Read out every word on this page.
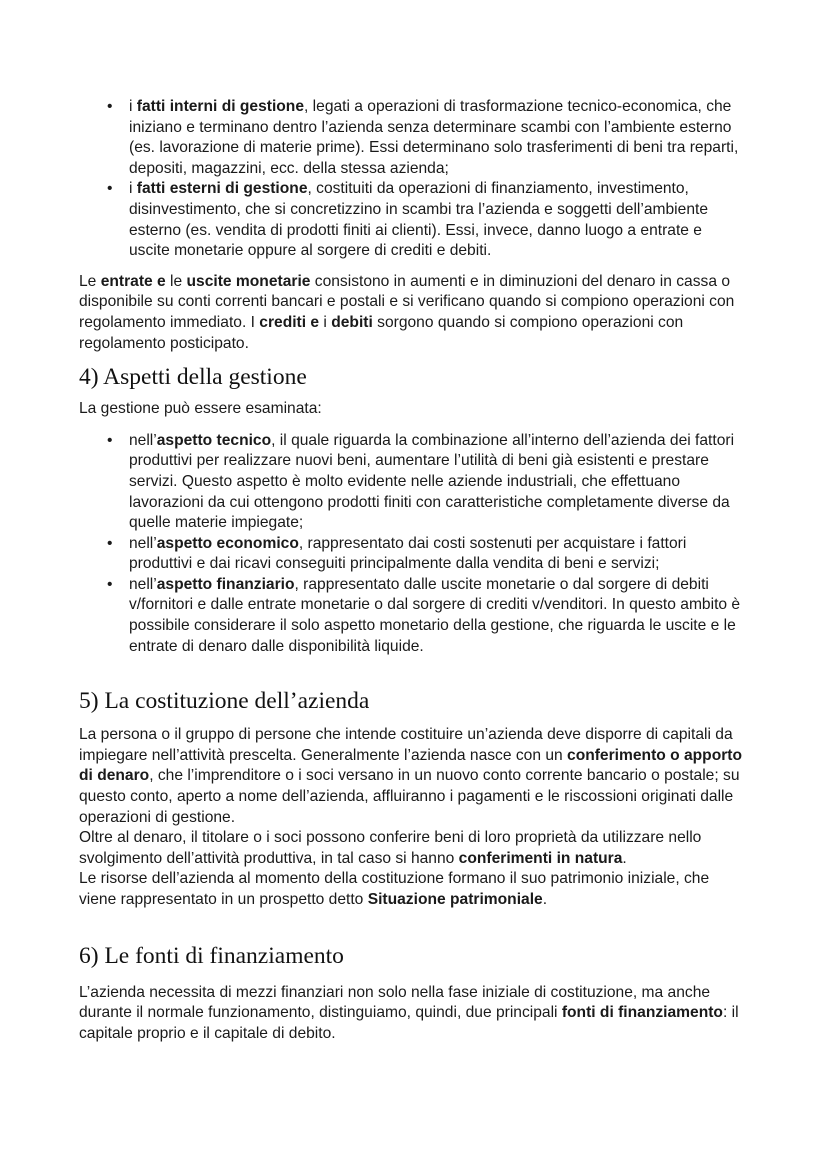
• i fatti interni di gestione, legati a operazioni di trasformazione tecnico-economica, che iniziano e terminano dentro l’azienda senza determinare scambi con l’ambiente esterno (es. lavorazione di materie prime). Essi determinano solo trasferimenti di beni tra reparti, depositi, magazzini, ecc. della stessa azienda;
• i fatti esterni di gestione, costituiti da operazioni di finanziamento, investimento, disinvestimento, che si concretizzino in scambi tra l’azienda e soggetti dell’ambiente esterno (es. vendita di prodotti finiti ai clienti). Essi, invece, danno luogo a entrate e uscite monetarie oppure al sorgere di crediti e debiti.

Le entrate e le uscite monetarie consistono in aumenti e in diminuzioni del denaro in cassa o disponibile su conti correnti bancari e postali e si verificano quando si compiono operazioni con regolamento immediato. I crediti e i debiti sorgono quando si compiono operazioni con regolamento posticipato.

4) Aspetti della gestione

La gestione può essere esaminata:

• nell’aspetto tecnico, il quale riguarda la combinazione all’interno dell’azienda dei fattori produttivi per realizzare nuovi beni, aumentare l’utilità di beni già esistenti e prestare servizi. Questo aspetto è molto evidente nelle aziende industriali, che effettuano lavorazioni da cui ottengono prodotti finiti con caratteristiche completamente diverse da quelle materie impiegate;
• nell’aspetto economico, rappresentato dai costi sostenuti per acquistare i fattori produttivi e dai ricavi conseguiti principalmente dalla vendita di beni e servizi;
• nell’aspetto finanziario, rappresentato dalle uscite monetarie o dal sorgere di debiti v/fornitori e dalle entrate monetarie o dal sorgere di crediti v/venditori. In questo ambito è possibile considerare il solo aspetto monetario della gestione, che riguarda le uscite e le entrate di denaro dalle disponibilità liquide.
5) La costituzione dell’azienda

La persona o il gruppo di persone che intende costituire un’azienda deve disporre di capitali da impiegare nell’attività prescelta. Generalmente l’azienda nasce con un conferimento o apporto di denaro, che l’imprenditore o i soci versano in un nuovo conto corrente bancario o postale; su questo conto, aperto a nome dell’azienda, affluiranno i pagamenti e le riscossioni originati dalle operazioni di gestione.
Oltre al denaro, il titolare o i soci possono conferire beni di loro proprietà da utilizzare nello svolgimento dell’attività produttiva, in tal caso si hanno conferimenti in natura.
Le risorse dell’azienda al momento della costituzione formano il suo patrimonio iniziale, che viene rappresentato in un prospetto detto Situazione patrimoniale.

6) Le fonti di finanziamento

L’azienda necessita di mezzi finanziari non solo nella fase iniziale di costituzione, ma anche durante il normale funzionamento, distinguiamo, quindi, due principali fonti di finanziamento: il capitale proprio e il capitale di debito.
